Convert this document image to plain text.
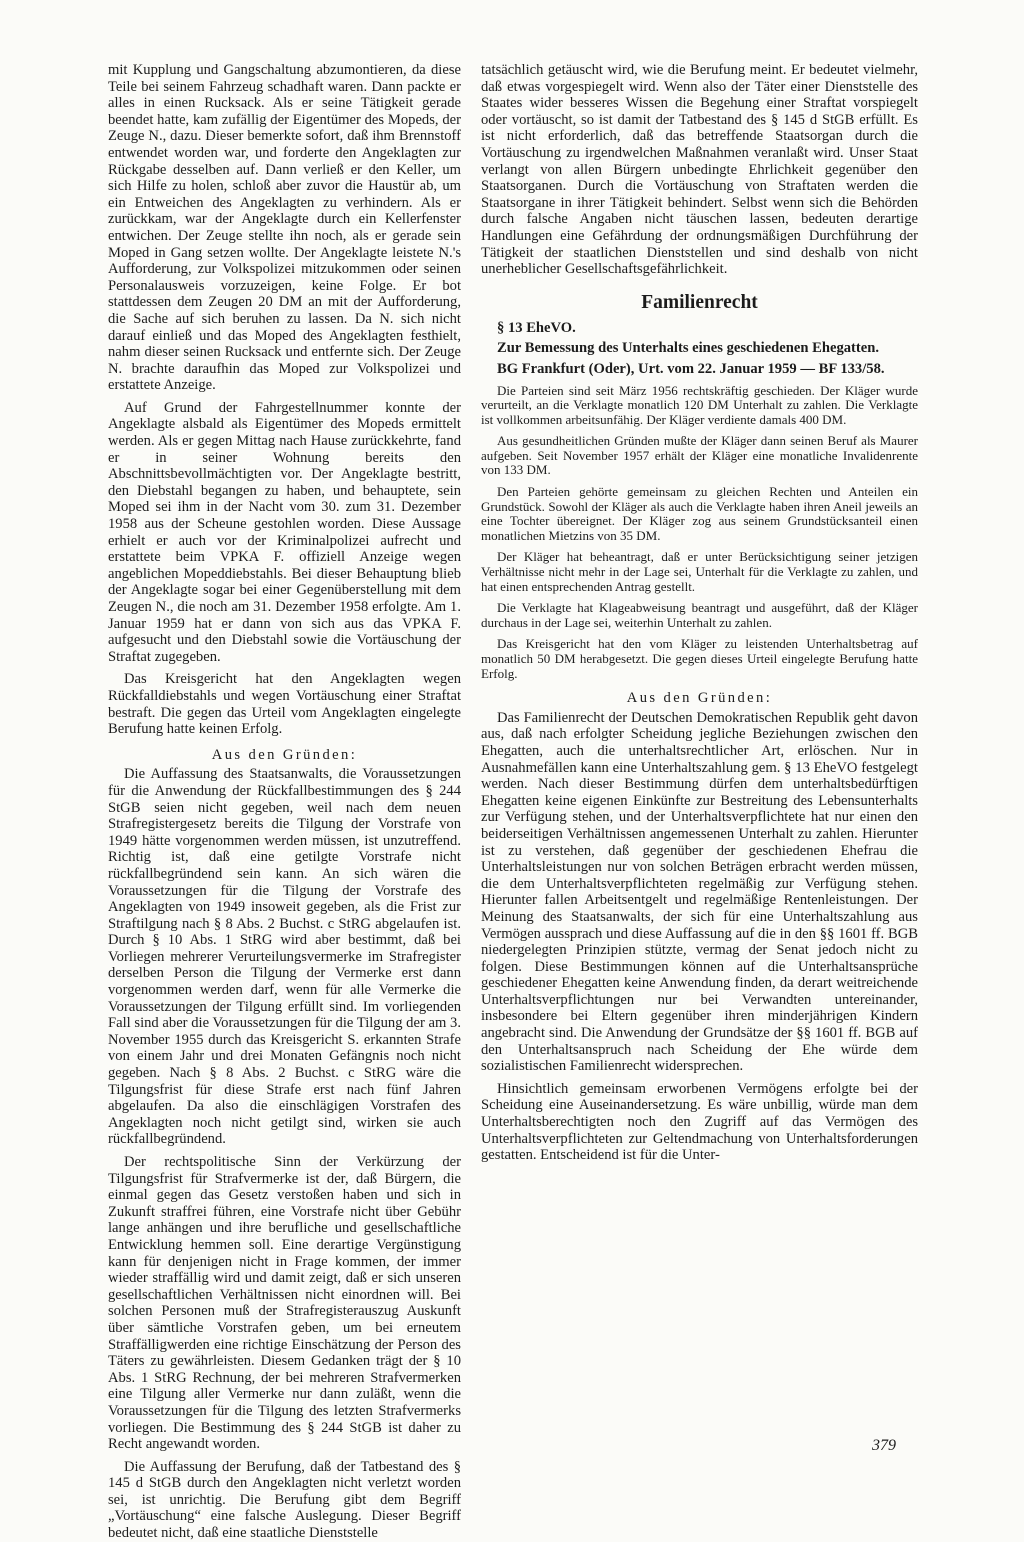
mit Kupplung und Gangschaltung abzumontieren, da diese Teile bei seinem Fahrzeug schadhaft waren. Dann packte er alles in einen Rucksack. Als er seine Tätigkeit gerade beendet hatte, kam zufällig der Eigentümer des Mopeds, der Zeuge N., dazu. Dieser bemerkte sofort, daß ihm Brennstoff entwendet worden war, und forderte den Angeklagten zur Rückgabe desselben auf. Dann verließ er den Keller, um sich Hilfe zu holen, schloß aber zuvor die Haustür ab, um ein Entweichen des Angeklagten zu verhindern. Als er zurückkam, war der Angeklagte durch ein Kellerfenster entwichen. Der Zeuge stellte ihn noch, als er gerade sein Moped in Gang setzen wollte. Der Angeklagte leistete N.'s Aufforderung, zur Volkspolizei mitzukommen oder seinen Personalausweis vorzuzeigen, keine Folge. Er bot stattdessen dem Zeugen 20 DM an mit der Aufforderung, die Sache auf sich beruhen zu lassen. Da N. sich nicht darauf einließ und das Moped des Angeklagten festhielt, nahm dieser seinen Rucksack und entfernte sich. Der Zeuge N. brachte daraufhin das Moped zur Volkspolizei und erstattete Anzeige.

Auf Grund der Fahrgestellnummer konnte der Angeklagte alsbald als Eigentümer des Mopeds ermittelt werden. Als er gegen Mittag nach Hause zurückkehrte, fand er in seiner Wohnung bereits den Abschnittsbevollmächtigten vor. Der Angeklagte bestritt, den Diebstahl begangen zu haben, und behauptete, sein Moped sei ihm in der Nacht vom 30. zum 31. Dezember 1958 aus der Scheune gestohlen worden. Diese Aussage erhielt er auch vor der Kriminalpolizei aufrecht und erstattete beim VPKA F. offiziell Anzeige wegen angeblichen Mopeddiebstahls. Bei dieser Behauptung blieb der Angeklagte sogar bei einer Gegenüberstellung mit dem Zeugen N., die noch am 31. Dezember 1958 erfolgte. Am 1. Januar 1959 hat er dann von sich aus das VPKA F. aufgesucht und den Diebstahl sowie die Vortäuschung der Straftat zugegeben.

Das Kreisgericht hat den Angeklagten wegen Rückfalldiebstahls und wegen Vortäuschung einer Straftat bestraft. Die gegen das Urteil vom Angeklagten eingelegte Berufung hatte keinen Erfolg.

Aus den Gründen:

Die Auffassung des Staatsanwalts, die Voraussetzungen für die Anwendung der Rückfallbestimmungen des § 244 StGB seien nicht gegeben, weil nach dem neuen Strafregistergesetz bereits die Tilgung der Vorstrafe von 1949 hätte vorgenommen werden müssen, ist unzutreffend. Richtig ist, daß eine getilgte Vorstrafe nicht rückfallbegründend sein kann. An sich wären die Voraussetzungen für die Tilgung der Vorstrafe des Angeklagten von 1949 insoweit gegeben, als die Frist zur Straftilgung nach § 8 Abs. 2 Buchst. c StRG abgelaufen ist. Durch § 10 Abs. 1 StRG wird aber bestimmt, daß bei Vorliegen mehrerer Verurteilungsvermerke im Strafregister derselben Person die Tilgung der Vermerke erst dann vorgenommen werden darf, wenn für alle Vermerke die Voraussetzungen der Tilgung erfüllt sind. Im vorliegenden Fall sind aber die Voraussetzungen für die Tilgung der am 3. November 1955 durch das Kreisgericht S. erkannten Strafe von einem Jahr und drei Monaten Gefängnis noch nicht gegeben. Nach § 8 Abs. 2 Buchst. c StRG wäre die Tilgungsfrist für diese Strafe erst nach fünf Jahren abgelaufen. Da also die einschlägigen Vorstrafen des Angeklagten noch nicht getilgt sind, wirken sie auch rückfallbegründend.

Der rechtspolitische Sinn der Verkürzung der Tilgungsfrist für Strafvermerke ist der, daß Bürgern, die einmal gegen das Gesetz verstoßen haben und sich in Zukunft straffrei führen, eine Vorstrafe nicht über Gebühr lange anhängen und ihre berufliche und gesellschaftliche Entwicklung hemmen soll. Eine derartige Vergünstigung kann für denjenigen nicht in Frage kommen, der immer wieder straffällig wird und damit zeigt, daß er sich unseren gesellschaftlichen Verhältnissen nicht einordnen will. Bei solchen Personen muß der Strafregisterauszug Auskunft über sämtliche Vorstrafen geben, um bei erneutem Straffälligwerden eine richtige Einschätzung der Person des Täters zu gewährleisten. Diesem Gedanken trägt der § 10 Abs. 1 StRG Rechnung, der bei mehreren Strafvermerken eine Tilgung aller Vermerke nur dann zuläßt, wenn die Voraussetzungen für die Tilgung des letzten Strafvermerks vorliegen. Die Bestimmung des § 244 StGB ist daher zu Recht angewandt worden.

Die Auffassung der Berufung, daß der Tatbestand des § 145 d StGB durch den Angeklagten nicht verletzt worden sei, ist unrichtig. Die Berufung gibt dem Begriff „Vortäuschung“ eine falsche Auslegung. Dieser Begriff bedeutet nicht, daß eine staatliche Dienststelle

tatsächlich getäuscht wird, wie die Berufung meint. Er bedeutet vielmehr, daß etwas vorgespiegelt wird. Wenn also der Täter einer Dienststelle des Staates wider besseres Wissen die Begehung einer Straftat vorspiegelt oder vortäuscht, so ist damit der Tatbestand des § 145 d StGB erfüllt. Es ist nicht erforderlich, daß das betreffende Staatsorgan durch die Vortäuschung zu irgendwelchen Maßnahmen veranlaßt wird. Unser Staat verlangt von allen Bürgern unbedingte Ehrlichkeit gegenüber den Staatsorganen. Durch die Vortäuschung von Straftaten werden die Staatsorgane in ihrer Tätigkeit behindert. Selbst wenn sich die Behörden durch falsche Angaben nicht täuschen lassen, bedeuten derartige Handlungen eine Gefährdung der ordnungsmäßigen Durchführung der Tätigkeit der staatlichen Dienststellen und sind deshalb von nicht unerheblicher Gesellschaftsgefährlichkeit.

Familienrecht

§ 13 EheVO.

Zur Bemessung des Unterhalts eines geschiedenen Ehegatten.

BG Frankfurt (Oder), Urt. vom 22. Januar 1959 — BF 133/58.

Die Parteien sind seit März 1956 rechtskräftig geschieden. Der Kläger wurde verurteilt, an die Verklagte monatlich 120 DM Unterhalt zu zahlen. Die Verklagte ist vollkommen arbeitsunfähig. Der Kläger verdiente damals 400 DM.

Aus gesundheitlichen Gründen mußte der Kläger dann seinen Beruf als Maurer aufgeben. Seit November 1957 erhält der Kläger eine monatliche Invalidenrente von 133 DM.

Den Parteien gehörte gemeinsam zu gleichen Rechten und Anteilen ein Grundstück. Sowohl der Kläger als auch die Verklagte haben ihren Aneil jeweils an eine Tochter übereignet. Der Kläger zog aus seinem Grundstücksanteil einen monatlichen Mietzins von 35 DM.

Der Kläger hat beheantragt, daß er unter Berücksichtigung seiner jetzigen Verhältnisse nicht mehr in der Lage sei, Unterhalt für die Verklagte zu zahlen, und hat einen entsprechenden Antrag gestellt.

Die Verklagte hat Klageabweisung beantragt und ausgeführt, daß der Kläger durchaus in der Lage sei, weiterhin Unterhalt zu zahlen.

Das Kreisgericht hat den vom Kläger zu leistenden Unterhaltsbetrag auf monatlich 50 DM herabgesetzt. Die gegen dieses Urteil eingelegte Berufung hatte Erfolg.

Aus den Gründen:

Das Familienrecht der Deutschen Demokratischen Republik geht davon aus, daß nach erfolgter Scheidung jegliche Beziehungen zwischen den Ehegatten, auch die unterhaltsrechtlicher Art, erlöschen. Nur in Ausnahmefällen kann eine Unterhaltszahlung gem. § 13 EheVO festgelegt werden. Nach dieser Bestimmung dürfen dem unterhaltsbedürftigen Ehegatten keine eigenen Einkünfte zur Bestreitung des Lebensunterhalts zur Verfügung stehen, und der Unterhaltsverpflichtete hat nur einen den beiderseitigen Verhältnissen angemessenen Unterhalt zu zahlen. Hierunter ist zu verstehen, daß gegenüber der geschiedenen Ehefrau die Unterhaltsleistungen nur von solchen Beträgen erbracht werden müssen, die dem Unterhaltsverpflichteten regelmäßig zur Verfügung stehen. Hierunter fallen Arbeitsentgelt und regelmäßige Rentenleistungen. Der Meinung des Staatsanwalts, der sich für eine Unterhaltszahlung aus Vermögen aussprach und diese Auffassung auf die in den §§ 1601 ff. BGB niedergelegten Prinzipien stützte, vermag der Senat jedoch nicht zu folgen. Diese Bestimmungen können auf die Unterhaltsansprüche geschiedener Ehegatten keine Anwendung finden, da derart weitreichende Unterhaltsverpflichtungen nur bei Verwandten untereinander, insbesondere bei Eltern gegenüber ihren minderjährigen Kindern angebracht sind. Die Anwendung der Grundsätze der §§ 1601 ff. BGB auf den Unterhaltsanspruch nach Scheidung der Ehe würde dem sozialistischen Familienrecht widersprechen.

Hinsichtlich gemeinsam erworbenen Vermögens erfolgte bei der Scheidung eine Auseinandersetzung. Es wäre unbillig, würde man dem Unterhaltsberechtigten noch den Zugriff auf das Vermögen des Unterhaltsverpflichteten zur Geltendmachung von Unterhaltsforderungen gestatten. Entscheidend ist für die Unter-

379
